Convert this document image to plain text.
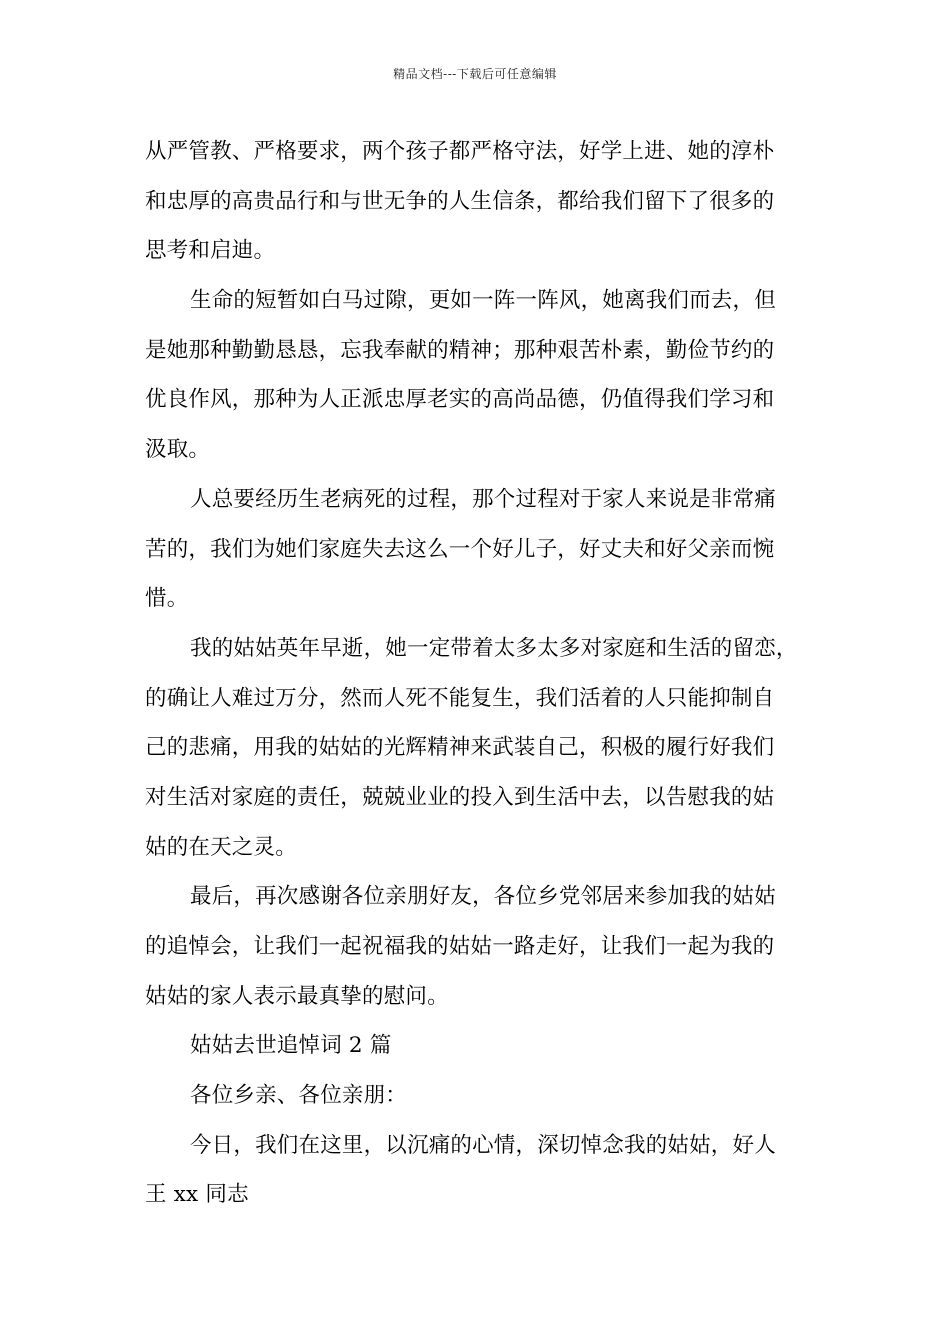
精品文档---下载后可任意编辑
从严管教、严格要求，两个孩子都严格守法，好学上进、她的淳朴
和忠厚的高贵品行和与世无争的人生信条，都给我们留下了很多的
思考和启迪。
生命的短暂如白马过隙，更如一阵一阵风，她离我们而去，但
是她那种勤勤恳恳，忘我奉献的精神；那种艰苦朴素，勤俭节约的
优良作风，那种为人正派忠厚老实的高尚品德，仍值得我们学习和
汲取。
人总要经历生老病死的过程，那个过程对于家人来说是非常痛
苦的，我们为她们家庭失去这么一个好儿子，好丈夫和好父亲而惋
惜。
我的姑姑英年早逝，她一定带着太多太多对家庭和生活的留恋，
的确让人难过万分，然而人死不能复生，我们活着的人只能抑制自
己的悲痛，用我的姑姑的光辉精神来武装自己，积极的履行好我们
对生活对家庭的责任，兢兢业业的投入到生活中去，以告慰我的姑
姑的在天之灵。
最后，再次感谢各位亲朋好友，各位乡党邻居来参加我的姑姑
的追悼会，让我们一起祝福我的姑姑一路走好，让我们一起为我的
姑姑的家人表示最真挚的慰问。
姑姑去世追悼词 2 篇
各位乡亲、各位亲朋：
今日，我们在这里，以沉痛的心情，深切悼念我的姑姑，好人
王 xx 同志
